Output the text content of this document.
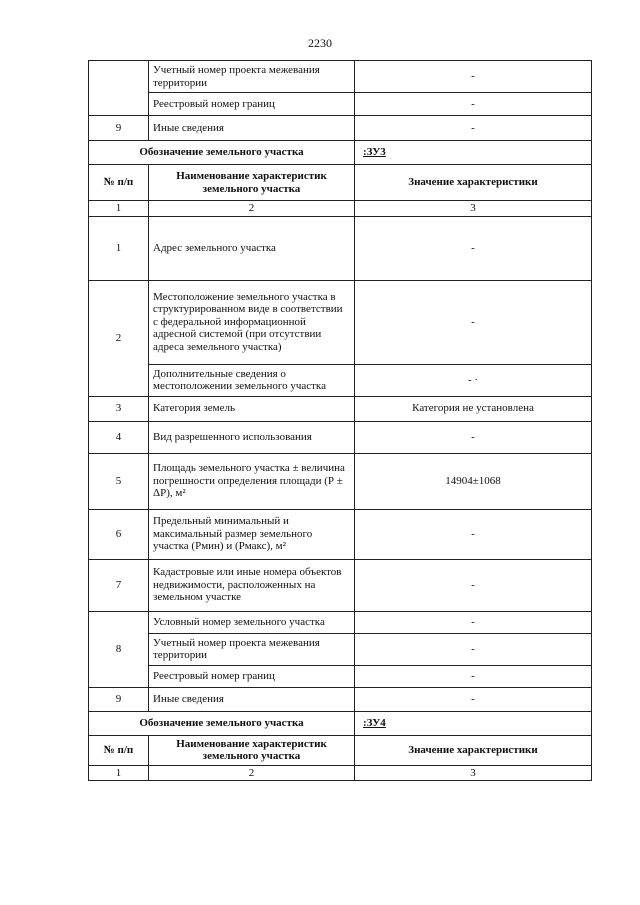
2230
	Учетный номер проекта межевания территории	-
	Реестровый номер границ	-
9	Иные сведения	-
Обозначение земельного участка		:ЗУ3
№ п/п	Наименование характеристик земельного участка	Значение характеристики
1	2	3
1	Адрес земельного участка	-
2	Местоположение земельного участка в структурированном виде в соответствии с федеральной информационной адресной системой (при отсутствии адреса земельного участка)	-
	Дополнительные сведения о местоположении земельного участка	- ·
3	Категория земель	Категория не установлена
4	Вид разрешенного использования	-
5	Площадь земельного участка ± величина погрешности определения площади (Р ± ΔР), м²	14904±1068
6	Предельный минимальный и максимальный размер земельного участка (Рмин) и (Рмакс), м²	-
7	Кадастровые или иные номера объектов недвижимости, расположенных на земельном участке	-
8	Условный номер земельного участка	-
	Учетный номер проекта межевания территории	-
	Реестровый номер границ	-
9	Иные сведения	-
Обозначение земельного участка		:ЗУ4
№ п/п	Наименование характеристик земельного участка	Значение характеристики
1	2	3
